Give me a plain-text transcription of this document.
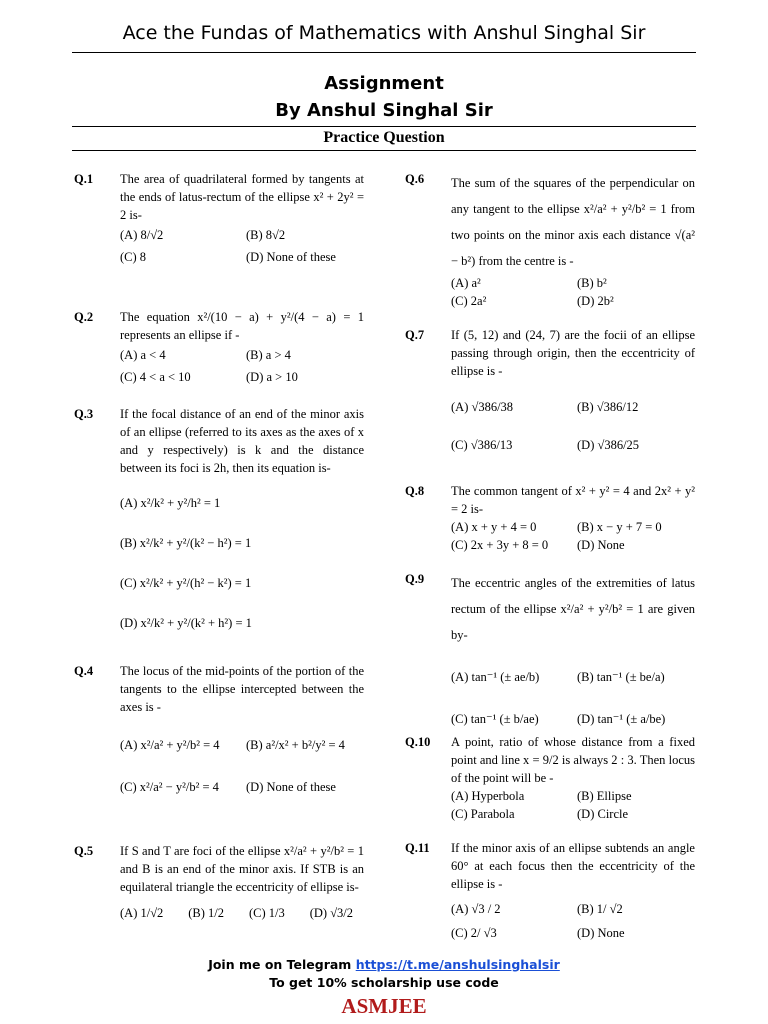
Ace the Fundas of Mathematics with Anshul Singhal Sir
Assignment
By Anshul Singhal Sir
Practice Question
Q.1 The area of quadrilateral formed by tangents at the ends of latus-rectum of the ellipse x² + 2y² = 2 is-
(A) 8/√2	(B) 8√2
(C) 8	(D) None of these
Q.2 The equation x²/(10 − a) + y²/(4 − a) = 1 represents an ellipse if -
(A) a < 4	(B) a > 4
(C) 4 < a < 10	(D) a > 10
Q.3 If the focal distance of an end of the minor axis of an ellipse (referred to its axes as the axes of x and y respectively) is k and the distance between its foci is 2h, then its equation is-
(A) x²/k² + y²/h² = 1
(B) x²/k² + y²/(k² − h²) = 1
(C) x²/k² + y²/(h² − k²) = 1
(D) x²/k² + y²/(k² + h²) = 1
Q.4 The locus of the mid-points of the portion of the tangents to the ellipse intercepted between the axes is -
(A) x²/a² + y²/b² = 4	(B) a²/x² + b²/y² = 4
(C) x²/a² − y²/b² = 4	(D) None of these
Q.5 If S and T are foci of the ellipse x²/a² + y²/b² = 1 and B is an end of the minor axis. If STB is an equilateral triangle the eccentricity of ellipse is-
(A) 1/√2	(B) 1/2	(C) 1/3	(D) √3/2
Q.6 The sum of the squares of the perpendicular on any tangent to the ellipse x²/a² + y²/b² = 1 from two points on the minor axis each distance √(a² − b²) from the centre is -
(A) a²	(B) b²
(C) 2a²	(D) 2b²
Q.7 If (5, 12) and (24, 7) are the focii of an ellipse passing through origin, then the eccentricity of ellipse is -
(A) √386/38	(B) √386/12
(C) √386/13	(D) √386/25
Q.8 The common tangent of x² + y² = 4 and 2x² + y² = 2 is-
(A) x + y + 4 = 0	(B) x − y + 7 = 0
(C) 2x + 3y + 8 = 0	(D) None
Q.9 The eccentric angles of the extremities of latus rectum of the ellipse x²/a² + y²/b² = 1 are given by-
(A) tan⁻¹ (± ae/b)	(B) tan⁻¹ (± be/a)
(C) tan⁻¹ (± b/ae)	(D) tan⁻¹ (± a/be)
Q.10 A point, ratio of whose distance from a fixed point and line x = 9/2 is always 2 : 3. Then locus of the point will be -
(A) Hyperbola	(B) Ellipse
(C) Parabola	(D) Circle
Q.11 If the minor axis of an ellipse subtends an angle 60° at each focus then the eccentricity of the ellipse is -
(A) √3 / 2	(B) 1/ √2
(C) 2/ √3	(D) None
Join me on Telegram https://t.me/anshulsinghalsir
To get 10% scholarship use code
ASMJEE
